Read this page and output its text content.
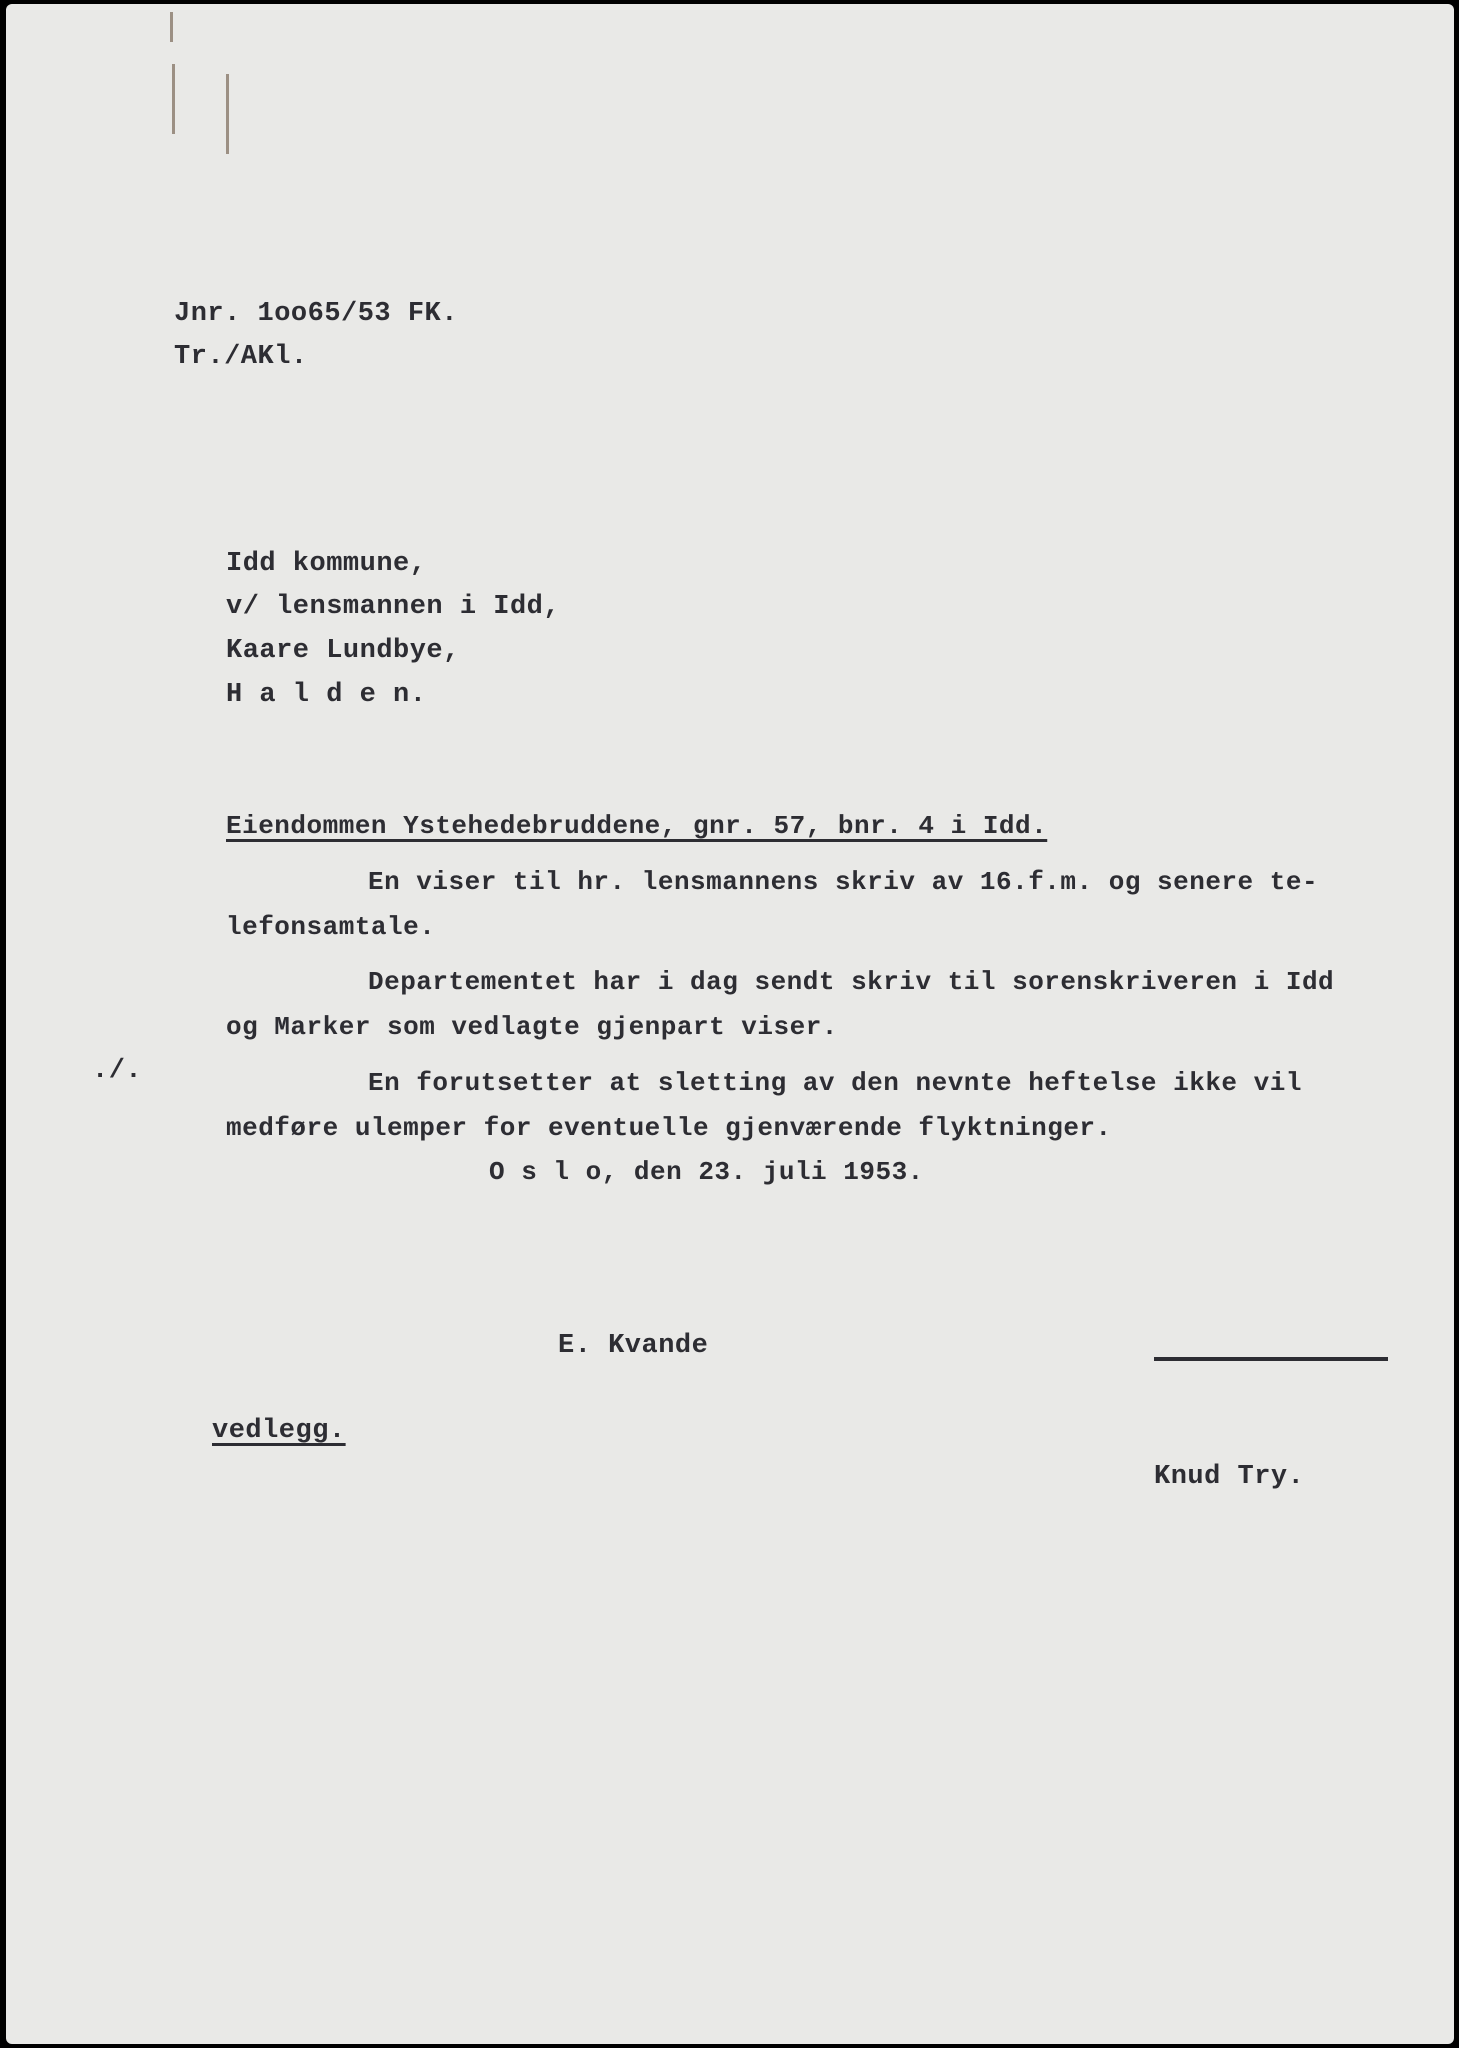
Jnr. 1oo65/53 FK.
Tr./AKl.
Idd kommune,
v/ lensmannen i Idd,
Kaare Lundbye,
H a l d e n.
Eiendommen Ystehedebruddene, gnr. 57, bnr. 4 i Idd.
En viser til hr. lensmannens skriv av 16.f.m. og senere te-
lefonsamtale.
Departementet har i dag sendt skriv til sorenskriveren i Idd
og Marker som vedlagte gjenpart viser.
./.	En forutsetter at sletting av den nevnte heftelse ikke vil
medføre ulemper for eventuelle gjenværende flyktninger.
O s l o, den 23. juli 1953.
E. Kvande
vedlegg.
Knud Try.
